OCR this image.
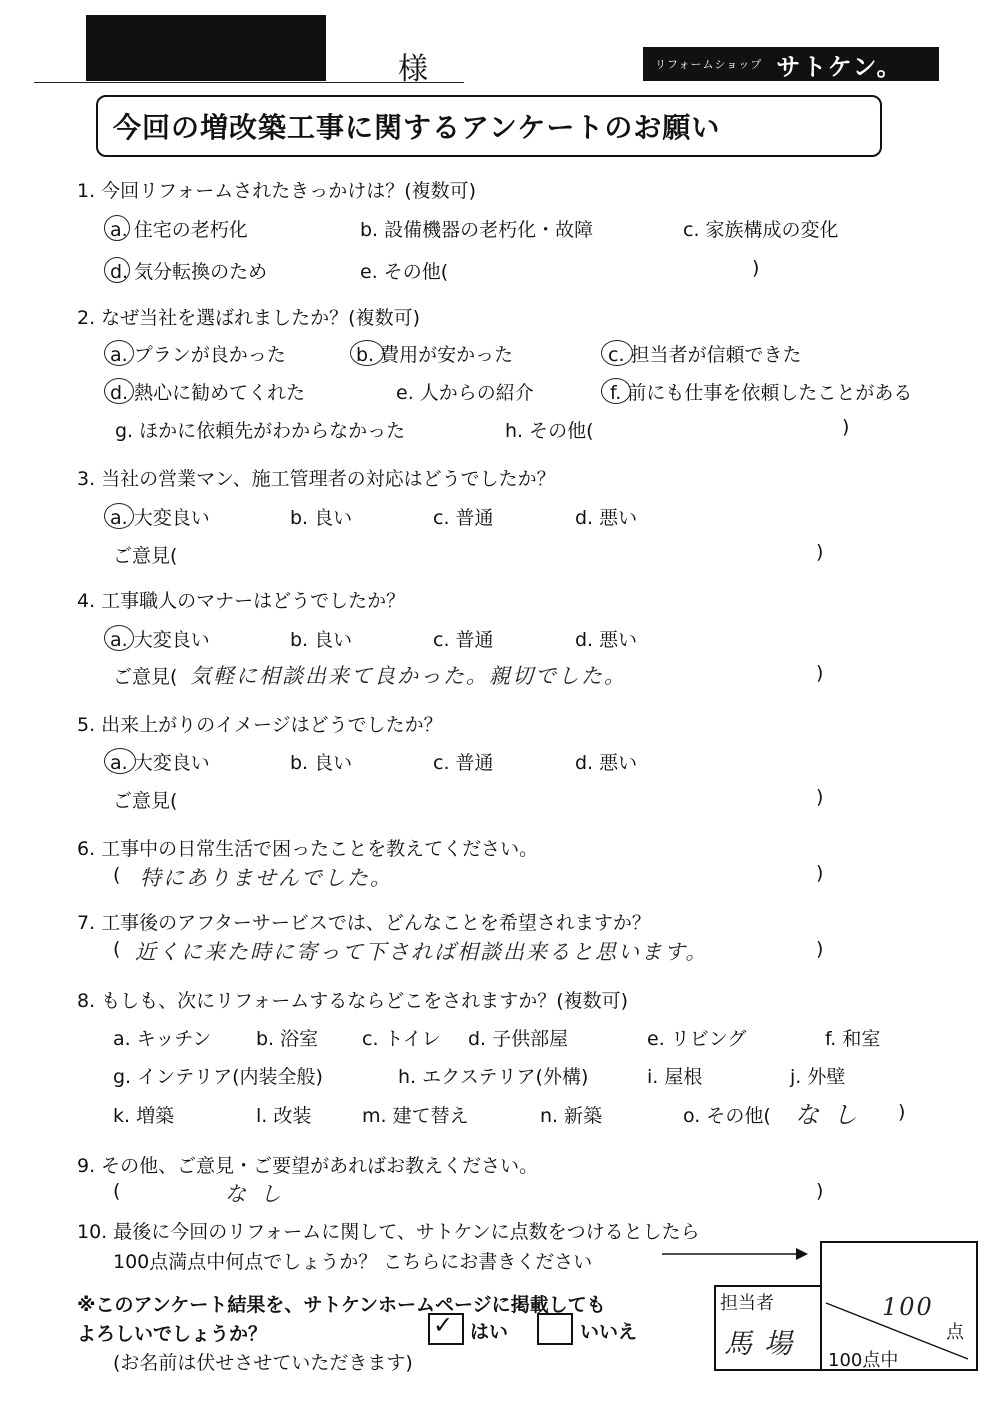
様	リフォームショップ サトケン。
今回の増改築工事に関するアンケートのお願い
1. 今回リフォームされたきっかけは？(複数可)
a. 住宅の老朽化	b. 設備機器の老朽化・故障	c. 家族構成の変化
d. 気分転換のため	e. その他(	)
2. なぜ当社を選ばれましたか？(複数可)
a. プランが良かった	b. 費用が安かった	c. 担当者が信頼できた
d. 熱心に勧めてくれた	e. 人からの紹介	f. 前にも仕事を依頼したことがある
g. ほかに依頼先がわからなかった	h. その他(	)
3. 当社の営業マン、施工管理者の対応はどうでしたか？
a. 大変良い	b. 良い	c. 普通	d. 悪い
ご意見(	)
4. 工事職人のマナーはどうでしたか？
a. 大変良い	b. 良い	c. 普通	d. 悪い
ご意見( 気軽に相談出来て良かった。親切でした。	)
5. 出来上がりのイメージはどうでしたか？
a. 大変良い	b. 良い	c. 普通	d. 悪い
ご意見(	)
6. 工事中の日常生活で困ったことを教えてください。
( 特にありませんでした。	)
7. 工事後のアフターサービスでは、どんなことを希望されますか？
( 近くに来た時に寄って下されば相談出来ると思います。	)
8. もしも、次にリフォームするならどこをされますか？(複数可)
a. キッチン b. 浴室 c. トイレ d. 子供部屋	e. リビング	f. 和室
g. インテリア(内装全般)	h. エクステリア(外構)	i. 屋根	j. 外壁
k. 増築	l. 改装	m. 建て替え	n. 新築	o. その他( なし )
9. その他、ご意見・ご要望があればお教えください。
(	なし	)
10. 最後に今回のリフォームに関して、サトケンに点数をつけるとしたら
100点満点中何点でしょうか？ こちらにお書きください
100
点
100点中
担当者
馬場
※このアンケート結果を、サトケンホームページに掲載しても
よろしいでしょうか？	✓ はい	いいえ
(お名前は伏せさせていただきます)
